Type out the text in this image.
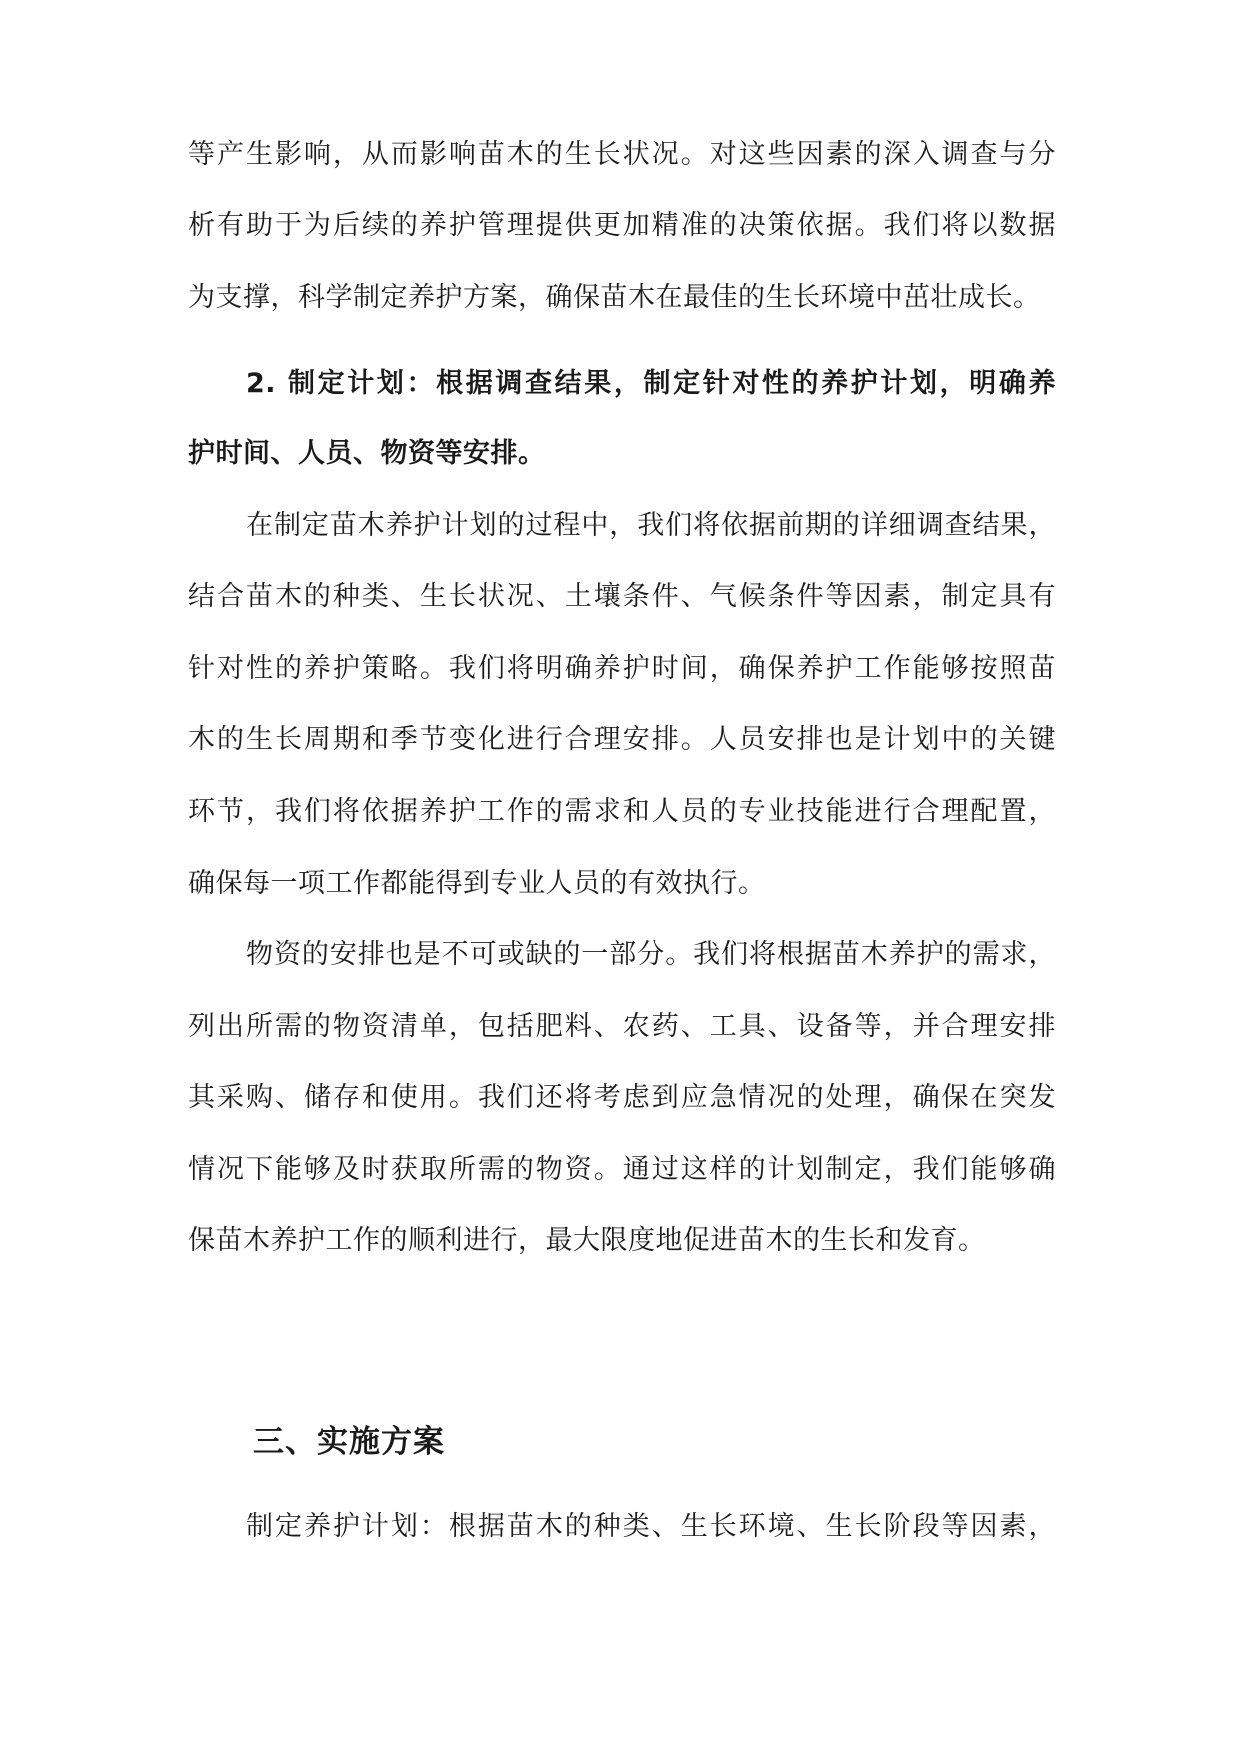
等产生影响，从而影响苗木的生长状况。对这些因素的深入调查与分
析有助于为后续的养护管理提供更加精准的决策依据。我们将以数据
为支撑，科学制定养护方案，确保苗木在最佳的生长环境中茁壮成长。
2. 制定计划：根据调查结果，制定针对性的养护计划，明确养
护时间、人员、物资等安排。
在制定苗木养护计划的过程中，我们将依据前期的详细调查结果，
结合苗木的种类、生长状况、土壤条件、气候条件等因素，制定具有
针对性的养护策略。我们将明确养护时间，确保养护工作能够按照苗
木的生长周期和季节变化进行合理安排。人员安排也是计划中的关键
环节，我们将依据养护工作的需求和人员的专业技能进行合理配置，
确保每一项工作都能得到专业人员的有效执行。
物资的安排也是不可或缺的一部分。我们将根据苗木养护的需求，
列出所需的物资清单，包括肥料、农药、工具、设备等，并合理安排
其采购、储存和使用。我们还将考虑到应急情况的处理，确保在突发
情况下能够及时获取所需的物资。通过这样的计划制定，我们能够确
保苗木养护工作的顺利进行，最大限度地促进苗木的生长和发育。
三、实施方案
制定养护计划：根据苗木的种类、生长环境、生长阶段等因素，
